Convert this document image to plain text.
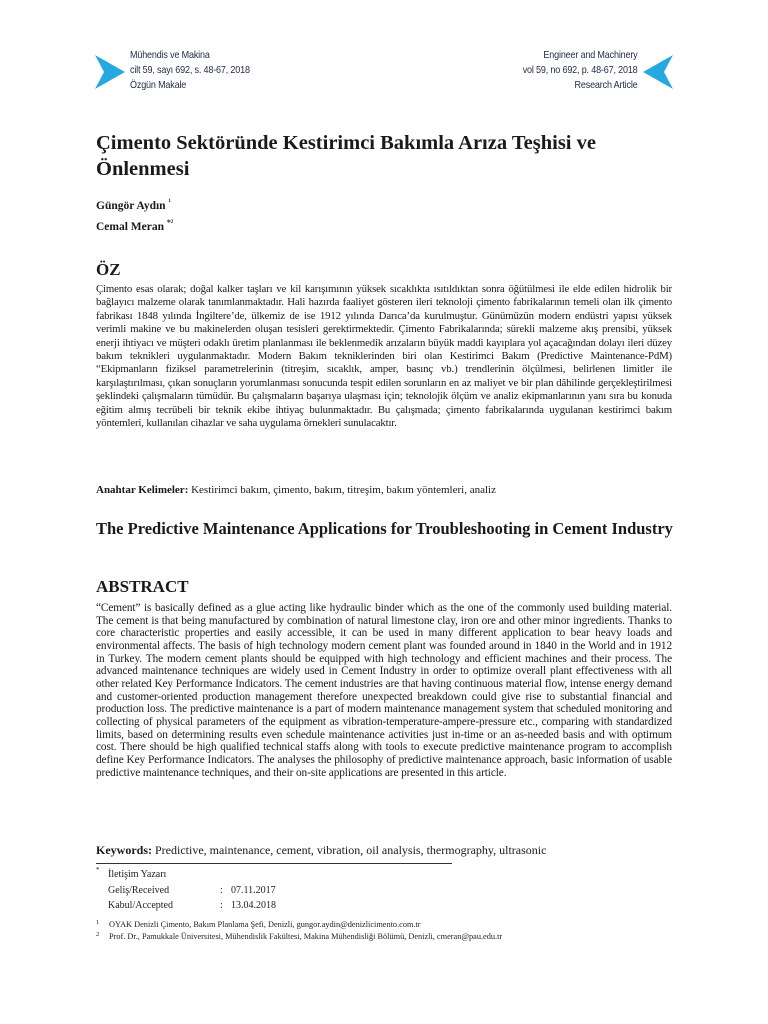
Mühendis ve Makina
cilt 59, sayı 692, s. 48-67, 2018
Özgün Makale
Engineer and Machinery
vol 59, no 692, p. 48-67, 2018
Research Article
Çimento Sektöründe Kestirimci Bakımla Arıza Teşhisi ve Önlenmesi
Güngör Aydın $^{^1}$
Cemal Meran $^{*^2}$
ÖZ

Çimento esas olarak; doğal kalker taşları ve kil karışımının yüksek sıcaklıkta ısıtıldıktan sonra öğütülmesi ile elde edilen hidrolik bir bağlayıcı malzeme olarak tanımlanmaktadır. Hali hazırda faaliyet gösteren ileri teknoloji çimento fabrikalarının temeli olan ilk çimento fabrikası 1848 yılında İngiltere’de, ülkemiz de ise 1912 yılında Darıca’da kurulmuştur. Günümüzün modern endüstri yapısı yüksek verimli makine ve bu makinelerden oluşan tesisleri gerektirmektedir. Çimento Fabrikalarında; sürekli malzeme akış prensibi, yüksek enerji ihtiyacı ve müşteri odaklı üretim planlanması ile beklenmedik arızaların büyük maddi kayıplara yol açacağından dolayı ileri düzey bakım teknikleri uygulanmaktadır. Modern Bakım tekniklerinden biri olan Kestirimci Bakım (Predictive Maintenance-PdM) “Ekipmanların fiziksel parametrelerinin (titreşim, sıcaklık, amper, basınç vb.) trendlerinin ölçülmesi, belirlenen limitler ile karşılaştırılması, çıkan sonuçların yorumlanması sonucunda tespit edilen sorunların en az maliyet ve bir plan dâhilinde gerçekleştirilmesi şeklindeki çalışmaların tümüdür. Bu çalışmaların başarıya ulaşması için; teknolojik ölçüm ve analiz ekipmanlarının yanı sıra bu konuda eğitim almış tecrübeli bir teknik ekibe ihtiyaç bulunmaktadır. Bu çalışmada; çimento fabrikalarında uygulanan kestirimci bakım yöntemleri, kullanılan cihazlar ve saha uygulama örnekleri sunulacaktır.

Anahtar Kelimeler: Kestirimci bakım, çimento, bakım, titreşim, bakım yöntemleri, analiz

The Predictive Maintenance Applications for Troubleshooting in Cement Industry
ABSTRACT

“Cement” is basically defined as a glue acting like hydraulic binder which as the one of the commonly used building material. The cement is that being manufactured by combination of natural limestone clay, iron ore and other minor ingredients. Thanks to core characteristic properties and easily accessible, it can be used in many different application to bear heavy loads and environmental affects. The basis of high technology modern cement plant was founded around in 1840 in the World and in 1912 in Turkey. The modern cement plants should be equipped with high technology and efficient machines and their process. The advanced maintenance techniques are widely used in Cement Industry in order to optimize overall plant effectiveness with all other related Key Performance Indicators. The cement industries are that having continuous material flow, intense energy demand and customer-oriented production management therefore unexpected breakdown could give rise to substantial financial and production loss. The predictive maintenance is a part of modern maintenance management system that scheduled monitoring and collecting of physical parameters of the equipment as vibration-temperature-ampere-pressure etc., comparing with standardized limits, based on determining results even schedule maintenance activities just in-time or an as-needed basis and with optimum cost. There should be high qualified technical staffs along with tools to execute predictive maintenance program to accomplish define Key Performance Indicators. The analyses the philosophy of predictive maintenance approach, basic information of usable predictive maintenance techniques, and their on-site applications are presented in this article.

Keywords: Predictive, maintenance, cement, vibration, oil analysis, thermography, ultrasonic

* İletişim Yazarı
Geliş/Received	: 07.11.2017
Kabul/Accepted	: 13.04.2018
1 OYAK Denizli Çimento, Bakım Planlama Şefi, Denizli, gungor.aydin@denizlicimento.com.tr
2 Prof. Dr., Pamukkale Üniversitesi, Mühendislik Fakültesi, Makina Mühendisliği Bölümü, Denizli, cmeran@pau.edu.tr
